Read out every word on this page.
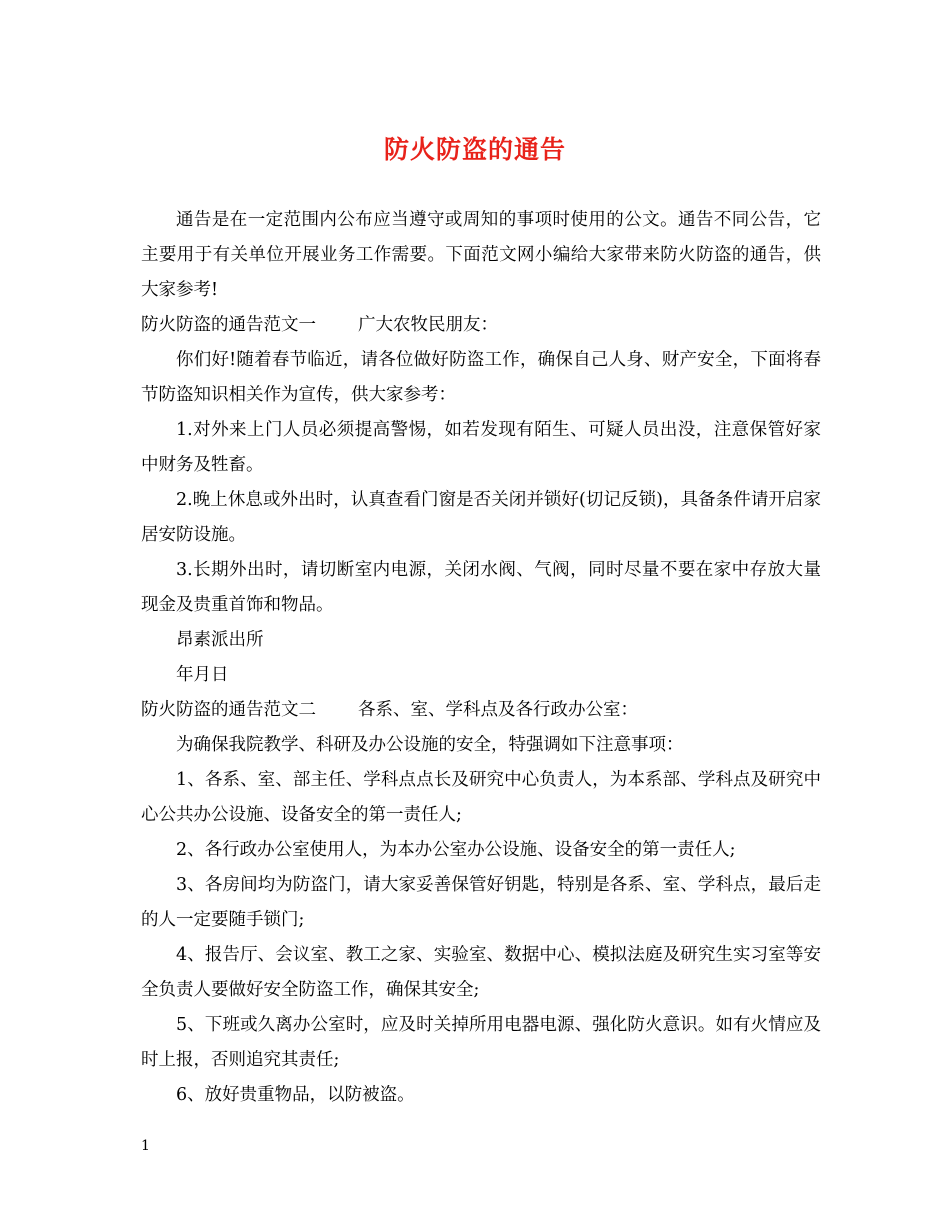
防火防盗的通告

通告是在一定范围内公布应当遵守或周知的事项时使用的公文。通告不同公告，它主要用于有关单位开展业务工作需要。下面范文网小编给大家带来防火防盗的通告，供大家参考!

防火防盗的通告范文一 广大农牧民朋友：

你们好!随着春节临近，请各位做好防盗工作，确保自己人身、财产安全，下面将春节防盗知识相关作为宣传，供大家参考：

1.对外来上门人员必须提高警惕，如若发现有陌生、可疑人员出没，注意保管好家中财务及牲畜。

2.晚上休息或外出时，认真查看门窗是否关闭并锁好(切记反锁)，具备条件请开启家居安防设施。

3.长期外出时，请切断室内电源，关闭水阀、气阀，同时尽量不要在家中存放大量现金及贵重首饰和物品。

昂素派出所

年月日

防火防盗的通告范文二 各系、室、学科点及各行政办公室：

为确保我院教学、科研及办公设施的安全，特强调如下注意事项：

1、各系、室、部主任、学科点点长及研究中心负责人，为本系部、学科点及研究中心公共办公设施、设备安全的第一责任人;

2、各行政办公室使用人，为本办公室办公设施、设备安全的第一责任人;

3、各房间均为防盗门，请大家妥善保管好钥匙，特别是各系、室、学科点，最后走的人一定要随手锁门;

4、报告厅、会议室、教工之家、实验室、数据中心、模拟法庭及研究生实习室等安全负责人要做好安全防盗工作，确保其安全;

5、下班或久离办公室时，应及时关掉所用电器电源、强化防火意识。如有火情应及时上报，否则追究其责任;

6、放好贵重物品，以防被盗。

1
